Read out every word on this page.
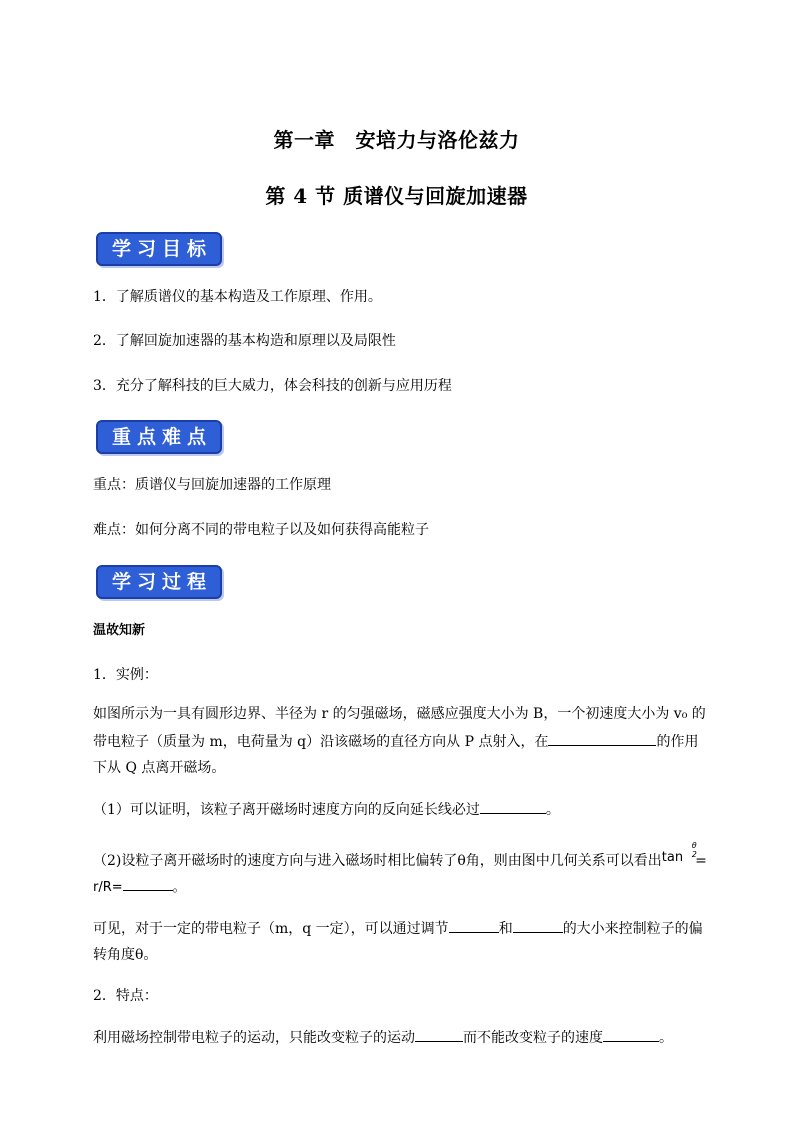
第一章　安培力与洛伦兹力
第 4 节 质谱仪与回旋加速器
学习目标
1．了解质谱仪的基本构造及工作原理、作用。
2．了解回旋加速器的基本构造和原理以及局限性
3．充分了解科技的巨大威力，体会科技的创新与应用历程
重点难点
重点：质谱仪与回旋加速器的工作原理
难点：如何分离不同的带电粒子以及如何获得高能粒子
学习过程
温故知新
1．实例：
如图所示为一具有圆形边界、半径为 r 的匀强磁场，磁感应强度大小为 B，一个初速度大小为 v₀ 的
带电粒子（质量为 m，电荷量为 q）沿该磁场的直径方向从 P 点射入，在	的作用
下从 Q 点离开磁场。
（1）可以证明，该粒子离开磁场时速度方向的反向延长线必过	。
（2)设粒子离开磁场时的速度方向与进入磁场时相比偏转了θ角，则由图中几何关系可以看出tan
θ
2
=
r/R=	。
可见，对于一定的带电粒子（m，q 一定），可以通过调节	和	的大小来控制粒子的偏
转角度θ。
2．特点：
利用磁场控制带电粒子的运动，只能改变粒子的运动	而不能改变粒子的速度	。
